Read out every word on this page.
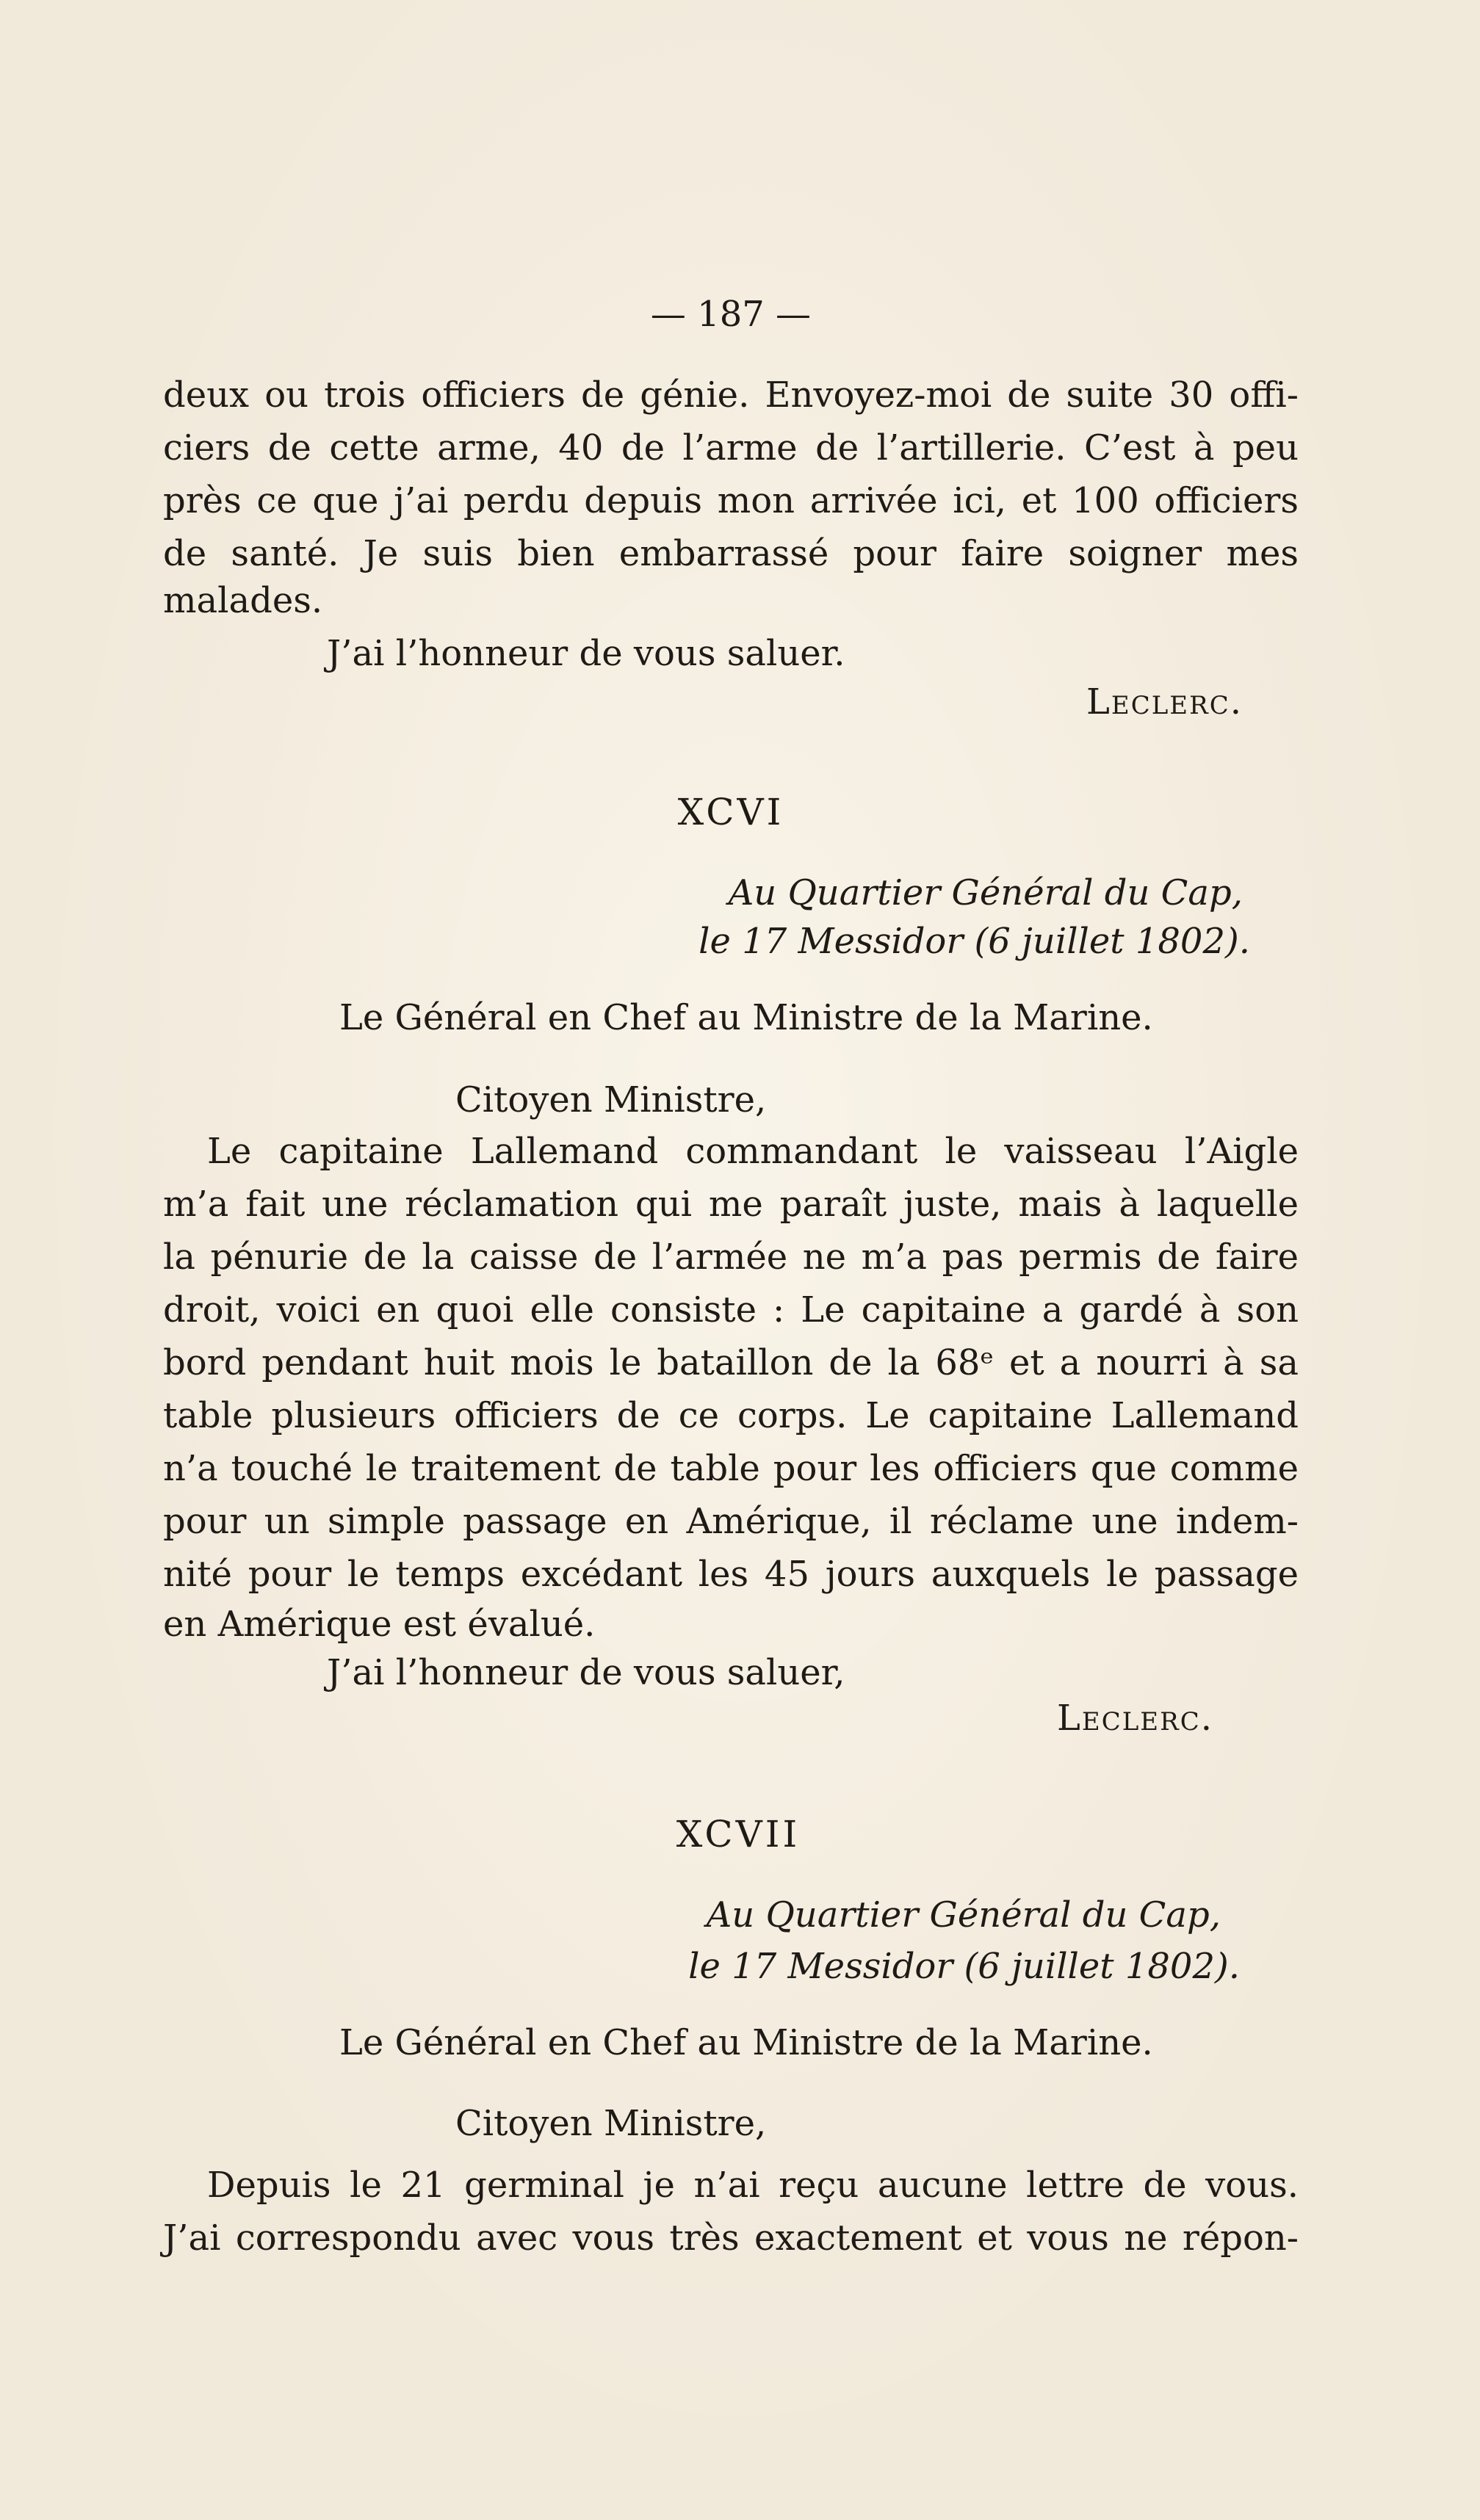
— 187 —
deux ou trois officiers de génie. Envoyez-moi de suite 30 offi-
ciers de cette arme, 40 de l’arme de l’artillerie. C’est à peu
près ce que j’ai perdu depuis mon arrivée ici, et 100 officiers
de santé. Je suis bien embarrassé pour faire soigner mes
malades.
J’ai l’honneur de vous saluer.
Leclerc.
XCVI
Au Quartier Général du Cap,
le 17 Messidor (6 juillet 1802).
Le Général en Chef au Ministre de la Marine.
Citoyen Ministre,
Le capitaine Lallemand commandant le vaisseau l’Aigle
m’a fait une réclamation qui me paraît juste, mais à laquelle
la pénurie de la caisse de l’armée ne m’a pas permis de faire
droit, voici en quoi elle consiste : Le capitaine a gardé à son
bord pendant huit mois le bataillon de la 68ᵉ et a nourri à sa
table plusieurs officiers de ce corps. Le capitaine Lallemand
n’a touché le traitement de table pour les officiers que comme
pour un simple passage en Amérique, il réclame une indem-
nité pour le temps excédant les 45 jours auxquels le passage
en Amérique est évalué.
J’ai l’honneur de vous saluer,
Leclerc.
XCVII
Au Quartier Général du Cap,
le 17 Messidor (6 juillet 1802).
Le Général en Chef au Ministre de la Marine.
Citoyen Ministre,
Depuis le 21 germinal je n’ai reçu aucune lettre de vous.
J’ai correspondu avec vous très exactement et vous ne répon-
